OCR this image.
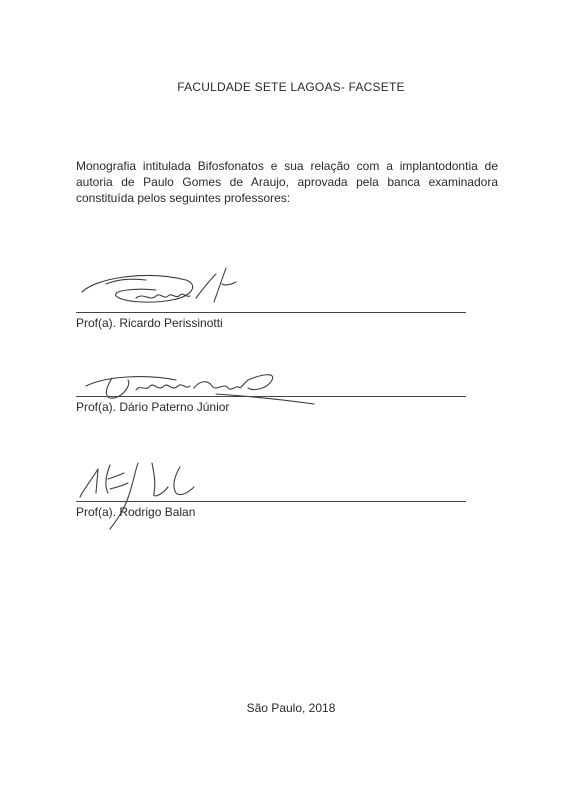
FACULDADE SETE LAGOAS- FACSETE

Monografia intitulada Bifosfonatos e sua relação com a implantodontia de autoria de Paulo Gomes de Araujo, aprovada pela banca examinadora constituída pelos seguintes professores:

Prof(a). Ricardo Perissinotti
Prof(a). Dário Paterno Júnior
Prof(a). Rodrigo Balan
São Paulo, 2018
